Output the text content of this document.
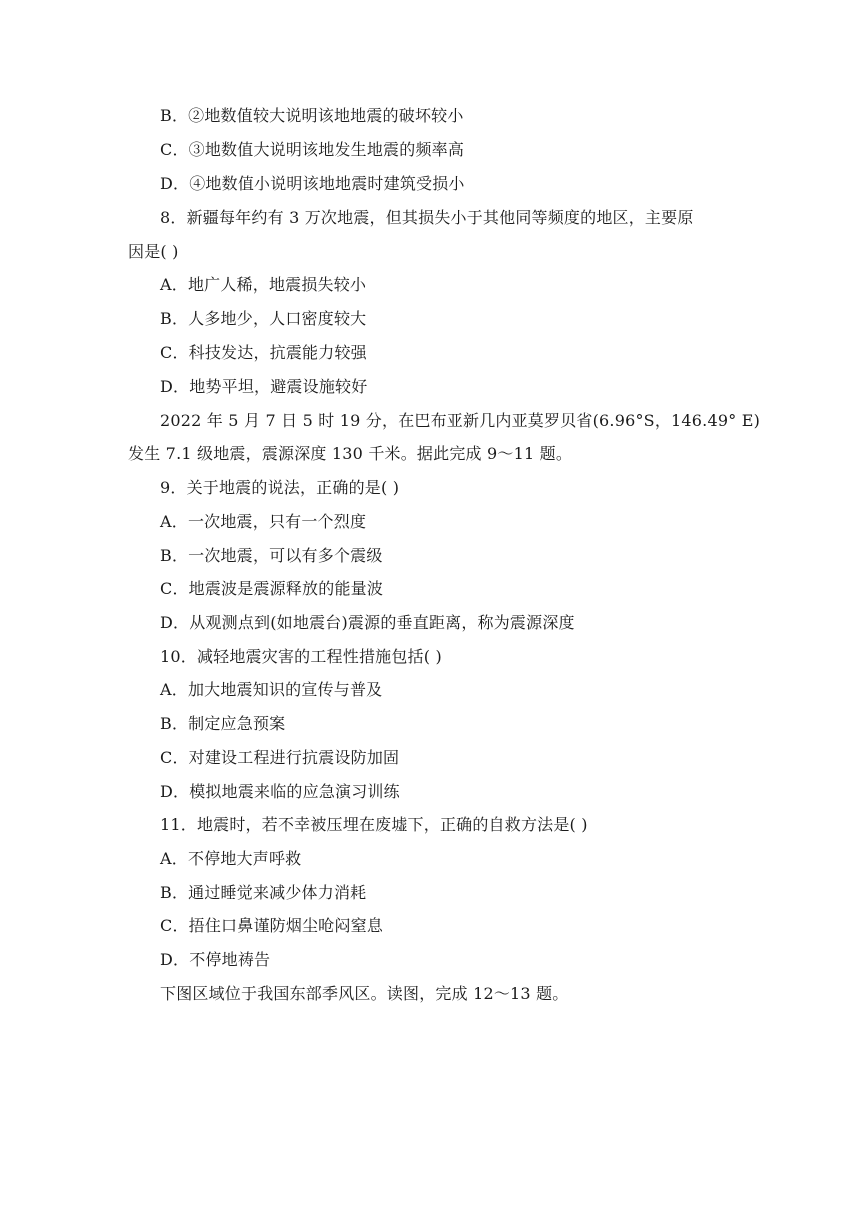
B．②地数值较大说明该地地震的破坏较小
C．③地数值大说明该地发生地震的频率高
D．④地数值小说明该地地震时建筑受损小
8．新疆每年约有 3 万次地震，但其损失小于其他同等频度的地区，主要原
因是( )
A．地广人稀，地震损失较小
B．人多地少，人口密度较大
C．科技发达，抗震能力较强
D．地势平坦，避震设施较好
2022 年 5 月 7 日 5 时 19 分，在巴布亚新几内亚莫罗贝省(6.96°S，146.49° E)
发生 7.1 级地震，震源深度 130 千米。据此完成 9～11 题。
9．关于地震的说法，正确的是( )
A．一次地震，只有一个烈度
B．一次地震，可以有多个震级
C．地震波是震源释放的能量波
D．从观测点到(如地震台)震源的垂直距离，称为震源深度
10．减轻地震灾害的工程性措施包括( )
A．加大地震知识的宣传与普及
B．制定应急预案
C．对建设工程进行抗震设防加固
D．模拟地震来临的应急演习训练
11．地震时，若不幸被压埋在废墟下，正确的自救方法是( )
A．不停地大声呼救
B．通过睡觉来减少体力消耗
C．捂住口鼻谨防烟尘呛闷窒息
D．不停地祷告
下图区域位于我国东部季风区。读图，完成 12～13 题。
